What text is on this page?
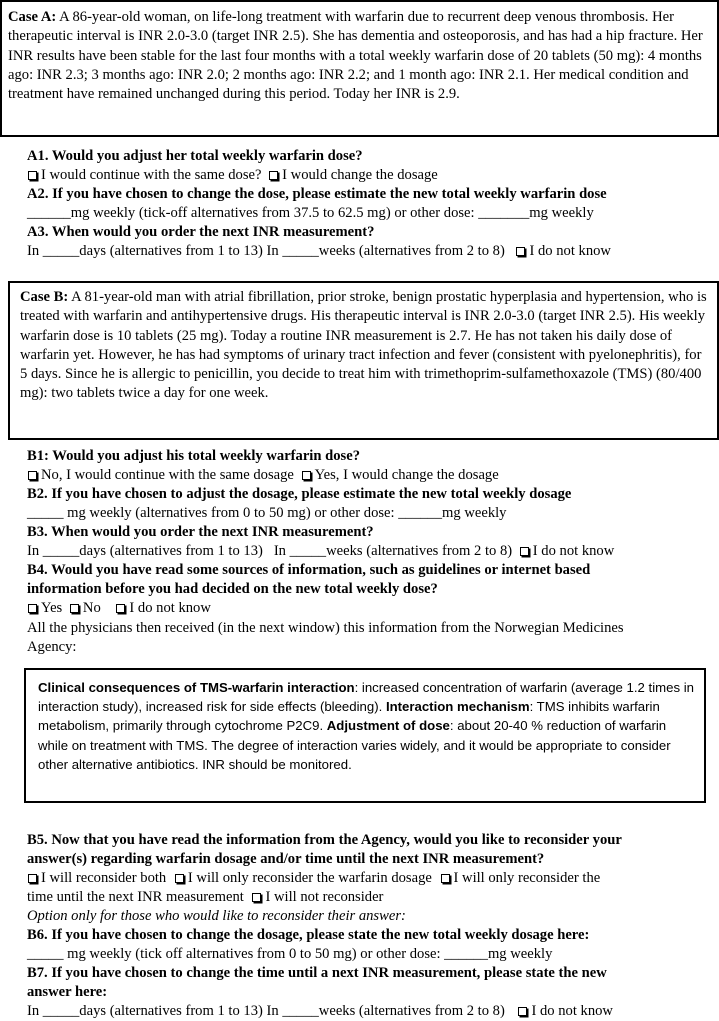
Case A: A 86-year-old woman, on life-long treatment with warfarin due to recurrent deep venous thrombosis. Her therapeutic interval is INR 2.0-3.0 (target INR 2.5). She has dementia and osteoporosis, and has had a hip fracture. Her INR results have been stable for the last four months with a total weekly warfarin dose of 20 tablets (50 mg): 4 months ago: INR 2.3; 3 months ago: INR 2.0; 2 months ago: INR 2.2; and 1 month ago: INR 2.1. Her medical condition and treatment have remained unchanged during this period. Today her INR is 2.9.

A1. Would you adjust her total weekly warfarin dose?
I would continue with the same dose? I would change the dosage
A2. If you have chosen to change the dose, please estimate the new total weekly warfarin dose
______mg weekly (tick-off alternatives from 37.5 to 62.5 mg) or other dose: _______mg weekly
A3. When would you order the next INR measurement?
In _____days (alternatives from 1 to 13) In _____weeks (alternatives from 2 to 8) I do not know

Case B: A 81-year-old man with atrial fibrillation, prior stroke, benign prostatic hyperplasia and hypertension, who is treated with warfarin and antihypertensive drugs. His therapeutic interval is INR 2.0-3.0 (target INR 2.5). His weekly warfarin dose is 10 tablets (25 mg). Today a routine INR measurement is 2.7. He has not taken his daily dose of warfarin yet. However, he has had symptoms of urinary tract infection and fever (consistent with pyelonephritis), for 5 days. Since he is allergic to penicillin, you decide to treat him with trimethoprim-sulfamethoxazole (TMS) (80/400 mg): two tablets twice a day for one week.

B1: Would you adjust his total weekly warfarin dose?
No, I would continue with the same dosage Yes, I would change the dosage
B2. If you have chosen to adjust the dosage, please estimate the new total weekly dosage
_____ mg weekly (alternatives from 0 to 50 mg) or other dose: ______mg weekly
B3. When would you order the next INR measurement?
In _____days (alternatives from 1 to 13)   In _____weeks (alternatives from 2 to 8) I do not know
B4. Would you have read some sources of information, such as guidelines or internet based
information before you had decided on the new total weekly dose?
Yes No I do not know
All the physicians then received (in the next window) this information from the Norwegian Medicines
Agency:

Clinical consequences of TMS-warfarin interaction: increased concentration of warfarin (average 1.2 times in interaction study), increased risk for side effects (bleeding). Interaction mechanism: TMS inhibits warfarin metabolism, primarily through cytochrome P2C9. Adjustment of dose: about 20-40 % reduction of warfarin while on treatment with TMS. The degree of interaction varies widely, and it would be appropriate to consider other alternative antibiotics. INR should be monitored.

B5. Now that you have read the information from the Agency, would you like to reconsider your
answer(s) regarding warfarin dosage and/or time until the next INR measurement?
I will reconsider both I will only reconsider the warfarin dosage I will only reconsider the
time until the next INR measurement I will not reconsider
Option only for those who would like to reconsider their answer:
B6. If you have chosen to change the dosage, please state the new total weekly dosage here:
_____ mg weekly (tick off alternatives from 0 to 50 mg) or other dose: ______mg weekly
B7. If you have chosen to change the time until a next INR measurement, please state the new
answer here:
In _____days (alternatives from 1 to 13) In _____weeks (alternatives from 2 to 8) I do not know
